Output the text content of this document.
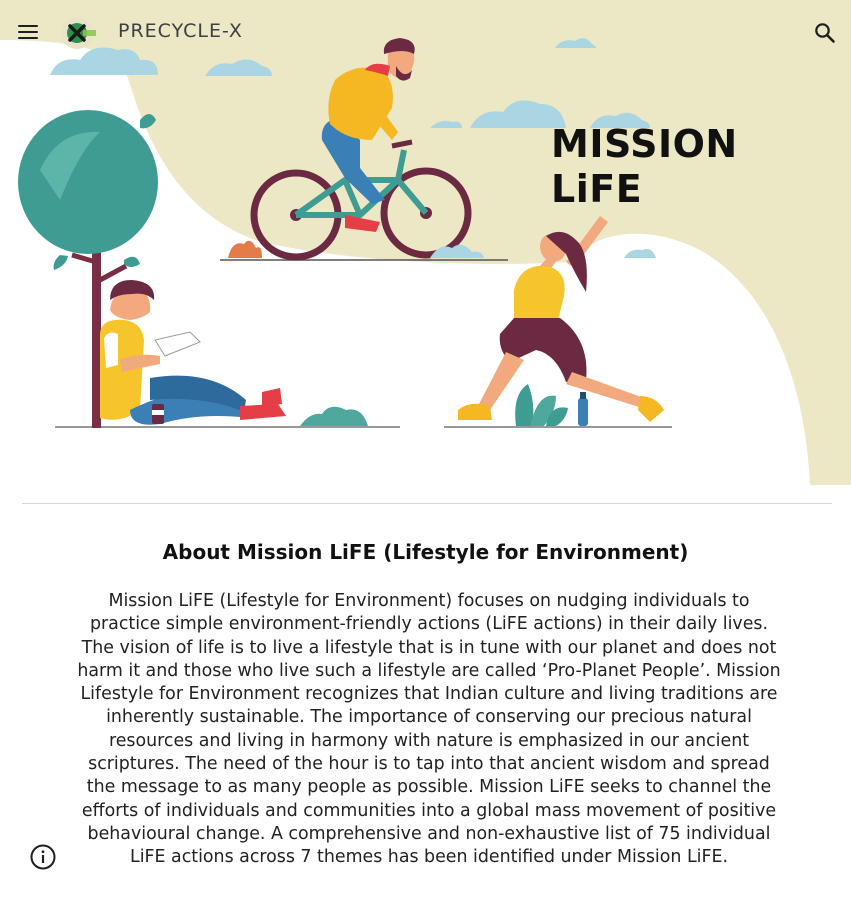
MISSION
LiFE
PRECYCLE-X
About Mission LiFE (Lifestyle for Environment)

Mission LiFE (Lifestyle for Environment) focuses on nudging individuals to practice simple environment-friendly actions (LiFE actions) in their daily lives. The vision of life is to live a lifestyle that is in tune with our planet and does not harm it and those who live such a lifestyle are called ‘Pro-Planet People’. Mission Lifestyle for Environment recognizes that Indian culture and living traditions are inherently sustainable. The importance of conserving our precious natural resources and living in harmony with nature is emphasized in our ancient scriptures. The need of the hour is to tap into that ancient wisdom and spread the message to as many people as possible. Mission LiFE seeks to channel the efforts of individuals and communities into a global mass movement of positive behavioural change. A comprehensive and non-exhaustive list of 75 individual LiFE actions across 7 themes has been identified under Mission LiFE.
